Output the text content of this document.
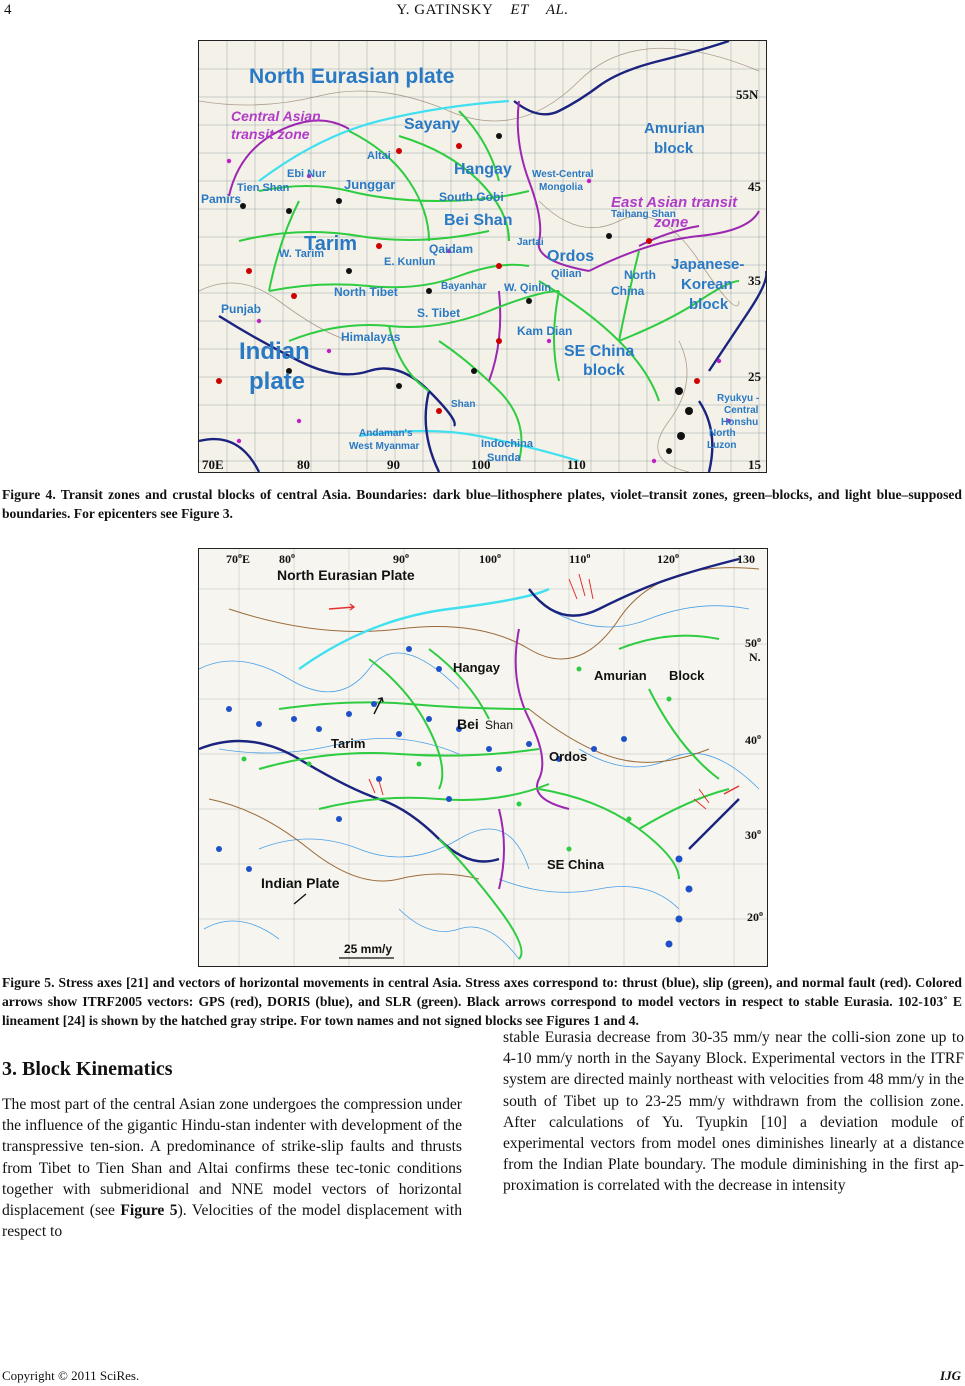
4	Y. GATINSKY ET AL.
North Eurasian plate
Central Asian
transit zone
Sayany
Altai
Amurian
block
Ebi Nur
Tien Shan	Junggar
Hangay West-Central
Mongolia
Pamirs	South Gobi	East Asian transit
zone
Taihang Shan
Bei Shan
Tarim
W. Tarim	Qaidam	Jartai
E. Kunlun	Ordos
Qilian	North
China
Japanese-
Korean
block
Punjab
North Tibet	Bayanhar W. Qinlin
S. Tibet
Kam Dian
Himalayas
Indian
plate
SE China
block
Shan
Ryukyu -
Central
Honshu
North
Luzon
Andaman's
West Myanmar	Indochina
Sunda
70E	80	90	100	110	15
25
35
45
55N
Figure 4. Transit zones and crustal blocks of central Asia. Boundaries: dark blue–lithosphere plates, violet–transit zones, green–blocks, and light blue–supposed boundaries. For epicenters see Figure 3.
North Eurasian Plate
Hangay
Amurian Block
Bei Shan
Tarim
Ordos
SE China
Indian Plate
25 mm/y
70$^o$E 80$^o$	90$^o$	100$^o$	110$^o$	120$^o$	130
50$^o$
N.
40$^o$
30$^o$
20$^o$
Figure 5. Stress axes [21] and vectors of horizontal movements in central Asia. Stress axes correspond to: thrust (blue), slip (green), and normal fault (red). Colored arrows show ITRF2005 vectors: GPS (red), DORIS (blue), and SLR (green). Black arrows correspond to model vectors in respect to stable Eurasia. 102-103˚ E lineament [24] is shown by the hatched gray stripe. For town names and not signed blocks see Figures 1 and 4.
3. Block Kinematics

The most part of the central Asian zone undergoes the compression under the influence of the gigantic Hindu-stan indenter with development of the transpressive ten-sion. A predominance of strike-slip faults and thrusts from Tibet to Tien Shan and Altai confirms these tec-tonic conditions together with submeridional and NNE model vectors of horizontal displacement (see Figure 5). Velocities of the model displacement with respect to

stable Eurasia decrease from 30-35 mm/y near the colli-sion zone up to 4-10 mm/y north in the Sayany Block. Experimental vectors in the ITRF system are directed mainly northeast with velocities from 48 mm/y in the south of Tibet up to 23-25 mm/y withdrawn from the collision zone. After calculations of Yu. Tyupkin [10] a deviation module of experimental vectors from model ones diminishes linearly at a distance from the Indian Plate boundary. The module diminishing in the first ap-proximation is correlated with the decrease in intensity

Copyright © 2011 SciRes.	IJG
